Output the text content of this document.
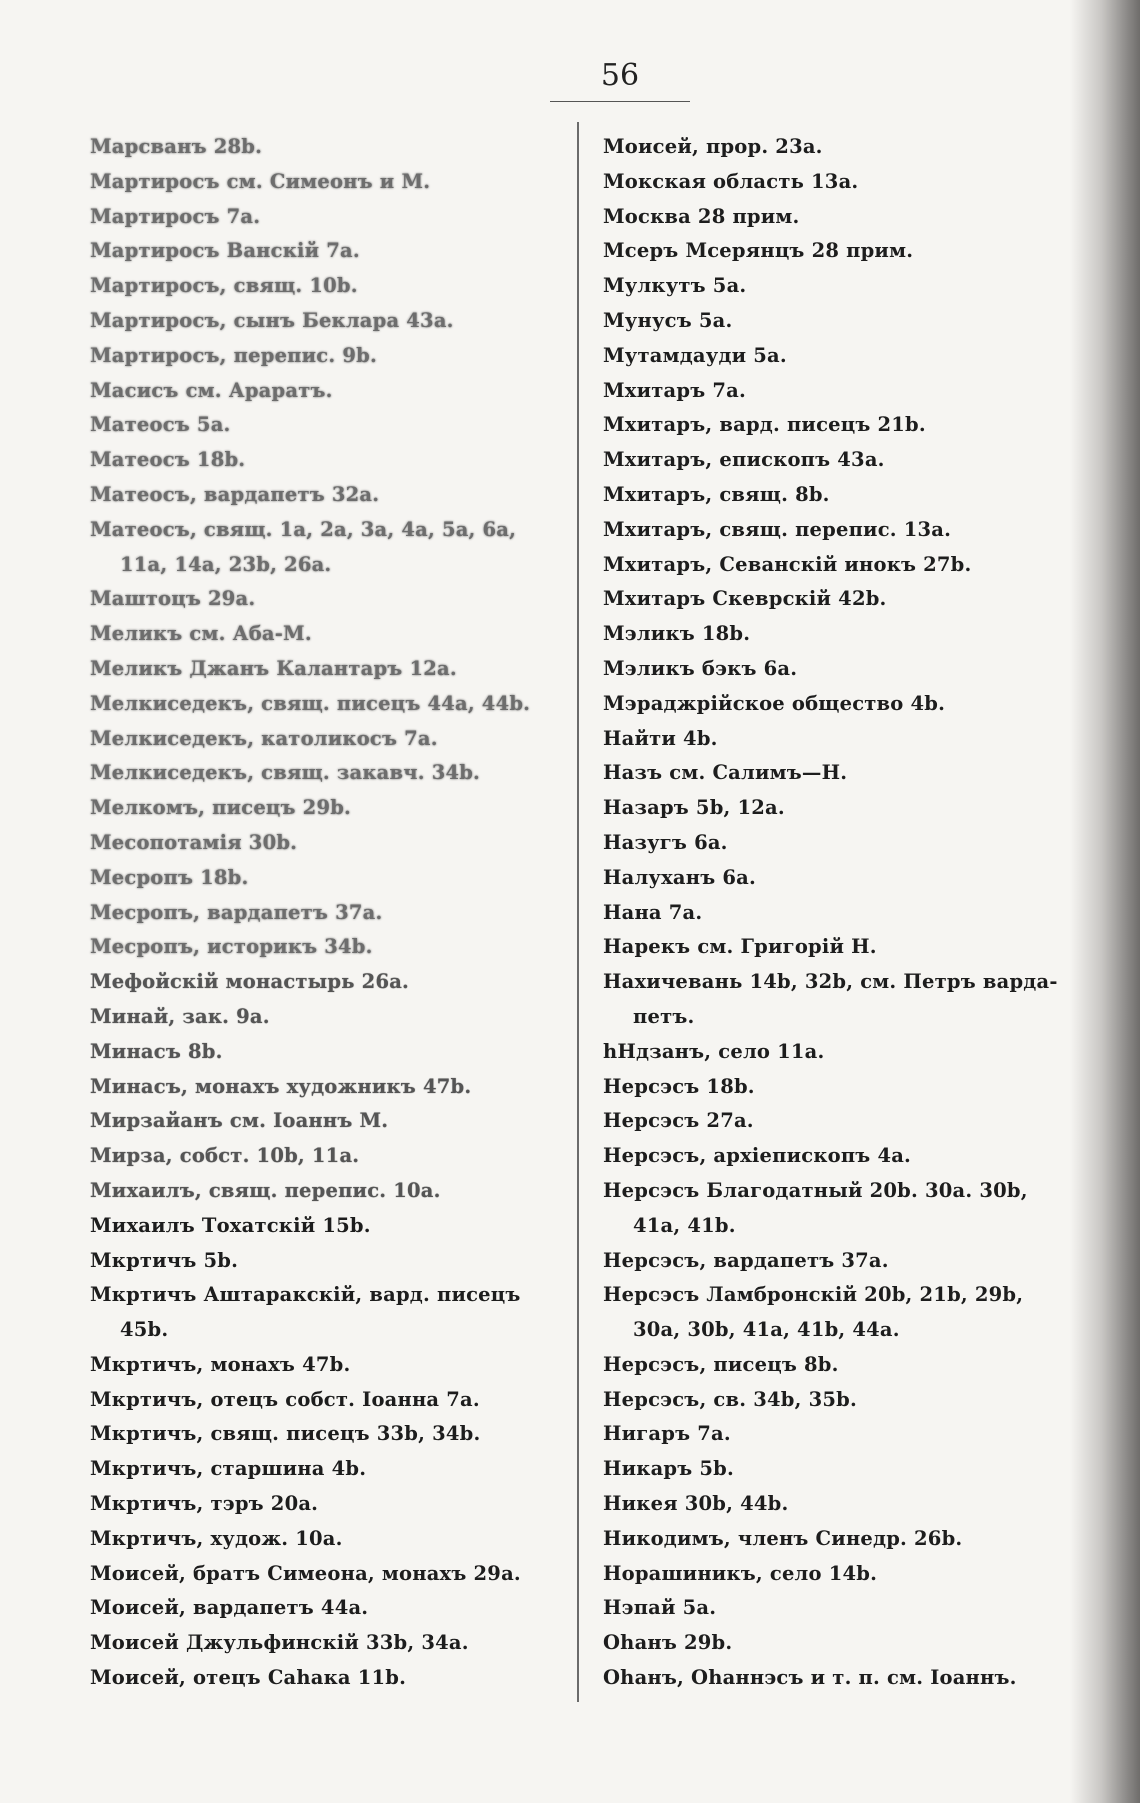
56
Марсванъ 28b.
Мартиросъ см. Симеонъ и М.
Мартиросъ 7a.
Мартиросъ Ванскій 7a.
Мартиросъ, свящ. 10b.
Мартиросъ, сынъ Беклара 43a.
Мартиросъ, перепис. 9b.
Масисъ см. Араратъ.
Матеосъ 5a.
Матеосъ 18b.
Матеосъ, вардапетъ 32a.
Матеосъ, свящ. 1a, 2a, 3a, 4a, 5a, 6a,
11a, 14a, 23b, 26a.
Маштоцъ 29a.
Меликъ см. Аба-М.
Меликъ Джанъ Калантаръ 12a.
Мелкиседекъ, свящ. писецъ 44a, 44b.
Мелкиседекъ, католикосъ 7a.
Мелкиседекъ, свящ. закавч. 34b.
Мелкомъ, писецъ 29b.
Месопотамія 30b.
Месропъ 18b.
Месропъ, вардапетъ 37a.
Месропъ, историкъ 34b.
Мефойскій монастырь 26a.
Минай, зак. 9a.
Минасъ 8b.
Минасъ, монахъ художникъ 47b.
Мирзайанъ см. Іоаннъ М.
Мирза, собст. 10b, 11a.
Михаилъ, свящ. перепис. 10a.
Михаилъ Тохатскій 15b.
Мкртичъ 5b.
Мкртичъ Аштаракскій, вард. писецъ
45b.
Мкртичъ, монахъ 47b.
Мкртичъ, отецъ собст. Іоанна 7a.
Мкртичъ, свящ. писецъ 33b, 34b.
Мкртичъ, старшина 4b.
Мкртичъ, тэръ 20a.
Мкртичъ, худож. 10a.
Моисей, братъ Симеона, монахъ 29a.
Моисей, вардапетъ 44a.
Моисей Джульфинскій 33b, 34a.
Моисей, отецъ Саhака 11b.
Моисей, прор. 23a.
Мокская область 13a.
Москва 28 прим.
Мсеръ Мсерянцъ 28 прим.
Мулкутъ 5a.
Мунусъ 5a.
Мутамдауди 5a.
Мхитаръ 7a.
Мхитаръ, вард. писецъ 21b.
Мхитаръ, епископъ 43a.
Мхитаръ, свящ. 8b.
Мхитаръ, свящ. перепис. 13a.
Мхитаръ, Севанскій инокъ 27b.
Мхитаръ Скеврскій 42b.
Мэликъ 18b.
Мэликъ бэкъ 6a.
Мэраджрійское общество 4b.
Найти 4b.
Назъ см. Салимъ—Н.
Назаръ 5b, 12a.
Назугъ 6a.
Налуханъ 6a.
Нана 7a.
Нарекъ см. Григорій Н.
Нахичевань 14b, 32b, см. Петръ варда-
петъ.
hНдзанъ, село 11a.
Нерсэсъ 18b.
Нерсэсъ 27a.
Нерсэсъ, архіепископъ 4a.
Нерсэсъ Благодатный 20b. 30a. 30b,
41a, 41b.
Нерсэсъ, вардапетъ 37a.
Нерсэсъ Ламбронскій 20b, 21b, 29b,
30a, 30b, 41a, 41b, 44a.
Нерсэсъ, писецъ 8b.
Нерсэсъ, св. 34b, 35b.
Нигаръ 7a.
Никаръ 5b.
Никея 30b, 44b.
Никодимъ, членъ Синедр. 26b.
Норашиникъ, село 14b.
Нэпай 5a.
Оhанъ 29b.
Оhанъ, Оhаннэсъ и т. п. см. Іоаннъ.
